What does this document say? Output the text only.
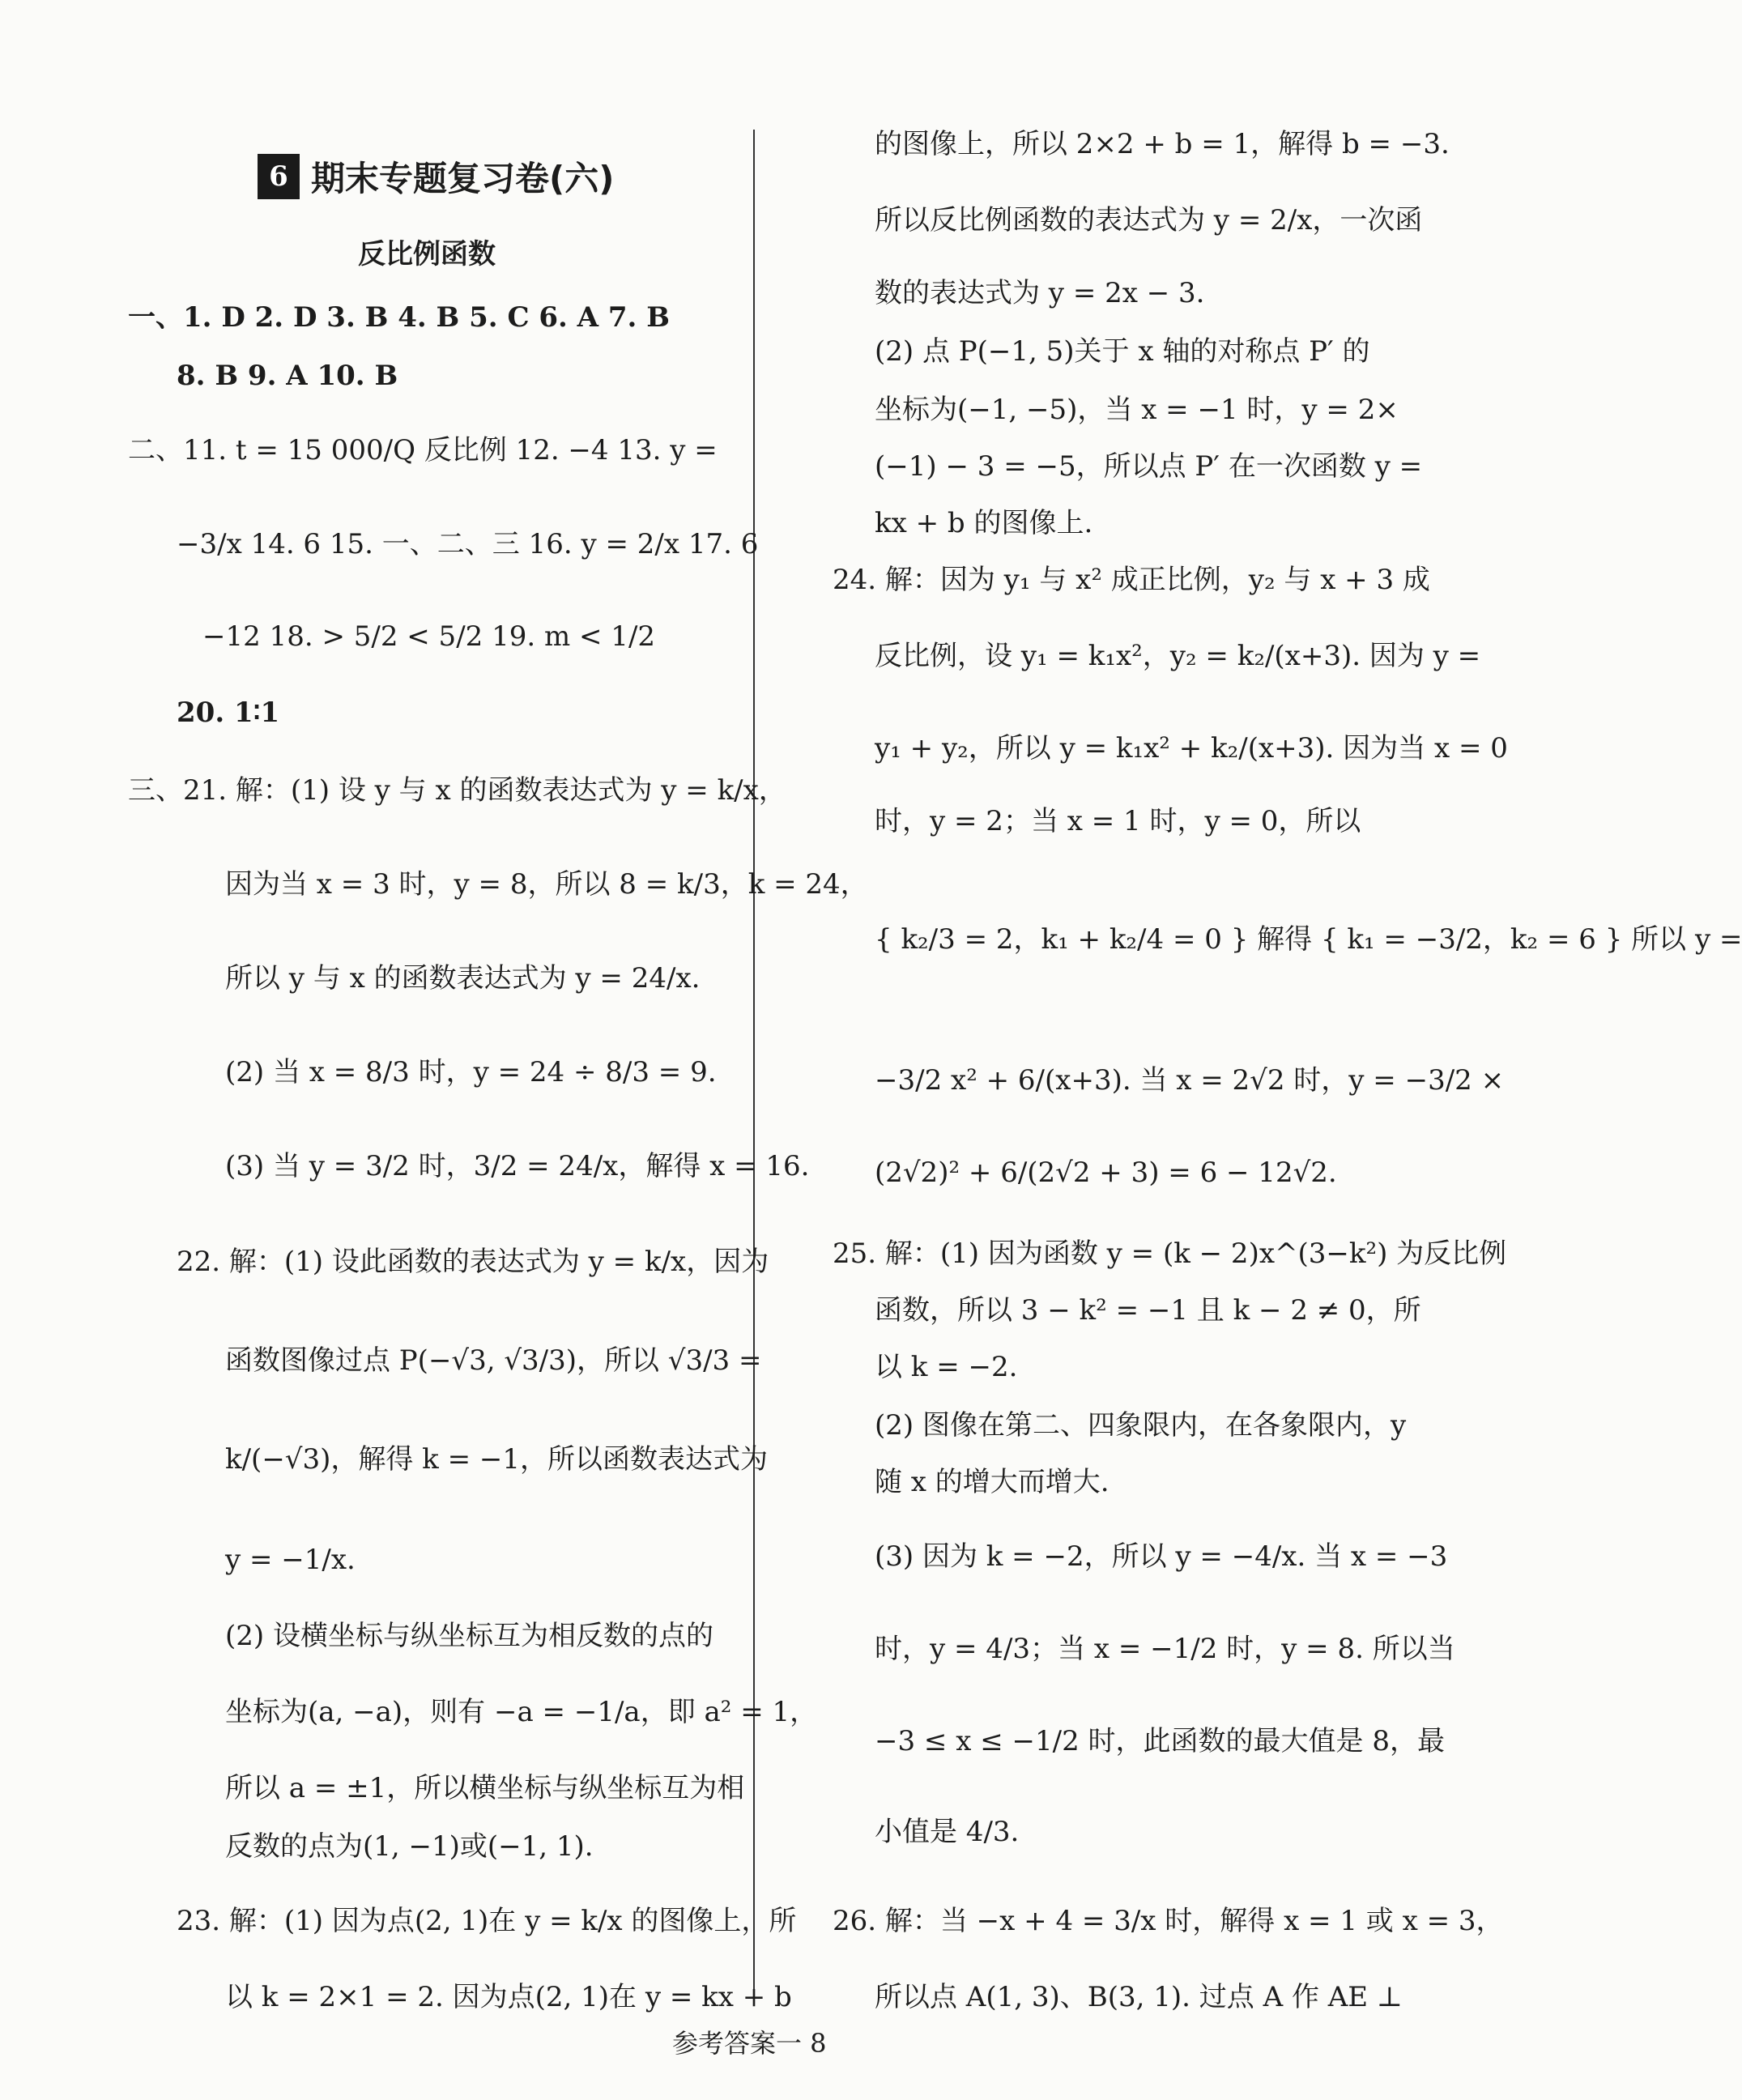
6 期末专题复习卷(六)
反比例函数
一、1. D 2. D 3. B 4. B 5. C 6. A 7. B
8. B 9. A 10. B
二、11. t = 15 000/Q 反比例 12. −4 13. y =
−3/x 14. 6 15. 一、二、三 16. y = 2/x 17. 6
−12 18. > 5/2 < 5/2 19. m < 1/2
20. 1∶1
三、21. 解：(1) 设 y 与 x 的函数表达式为 y = k/x，
因为当 x = 3 时，y = 8，所以 8 = k/3，k = 24，
所以 y 与 x 的函数表达式为 y = 24/x.
(2) 当 x = 8/3 时，y = 24 ÷ 8/3 = 9.
(3) 当 y = 3/2 时，3/2 = 24/x，解得 x = 16.
22. 解：(1) 设此函数的表达式为 y = k/x，因为
函数图像过点 P(−√3, √3/3)，所以 √3/3 =
k/(−√3)，解得 k = −1，所以函数表达式为
y = −1/x.
(2) 设横坐标与纵坐标互为相反数的点的
坐标为(a, −a)，则有 −a = −1/a，即 a² = 1，
所以 a = ±1，所以横坐标与纵坐标互为相
反数的点为(1, −1)或(−1, 1).
23. 解：(1) 因为点(2, 1)在 y = k/x 的图像上，所
以 k = 2×1 = 2. 因为点(2, 1)在 y = kx + b
的图像上，所以 2×2 + b = 1，解得 b = −3.
所以反比例函数的表达式为 y = 2/x，一次函
数的表达式为 y = 2x − 3.
(2) 点 P(−1, 5)关于 x 轴的对称点 P′ 的
坐标为(−1, −5)，当 x = −1 时，y = 2×
(−1) − 3 = −5，所以点 P′ 在一次函数 y =
kx + b 的图像上.
24. 解：因为 y₁ 与 x² 成正比例，y₂ 与 x + 3 成
反比例，设 y₁ = k₁x²，y₂ = k₂/(x+3). 因为 y =
y₁ + y₂，所以 y = k₁x² + k₂/(x+3). 因为当 x = 0
时，y = 2；当 x = 1 时，y = 0，所以
{ k₂/3 = 2，k₁ + k₂/4 = 0 } 解得 { k₁ = −3/2，k₂ = 6 } 所以 y =
−3/2 x² + 6/(x+3). 当 x = 2√2 时，y = −3/2 ×
(2√2)² + 6/(2√2 + 3) = 6 − 12√2.
25. 解：(1) 因为函数 y = (k − 2)x^(3−k²) 为反比例
函数，所以 3 − k² = −1 且 k − 2 ≠ 0，所
以 k = −2.
(2) 图像在第二、四象限内，在各象限内，y
随 x 的增大而增大.
(3) 因为 k = −2，所以 y = −4/x. 当 x = −3
时，y = 4/3；当 x = −1/2 时，y = 8. 所以当
−3 ≤ x ≤ −1/2 时，此函数的最大值是 8，最
小值是 4/3.
26. 解：当 −x + 4 = 3/x 时，解得 x = 1 或 x = 3，
所以点 A(1, 3)、B(3, 1). 过点 A 作 AE ⊥
参考答案一 8
